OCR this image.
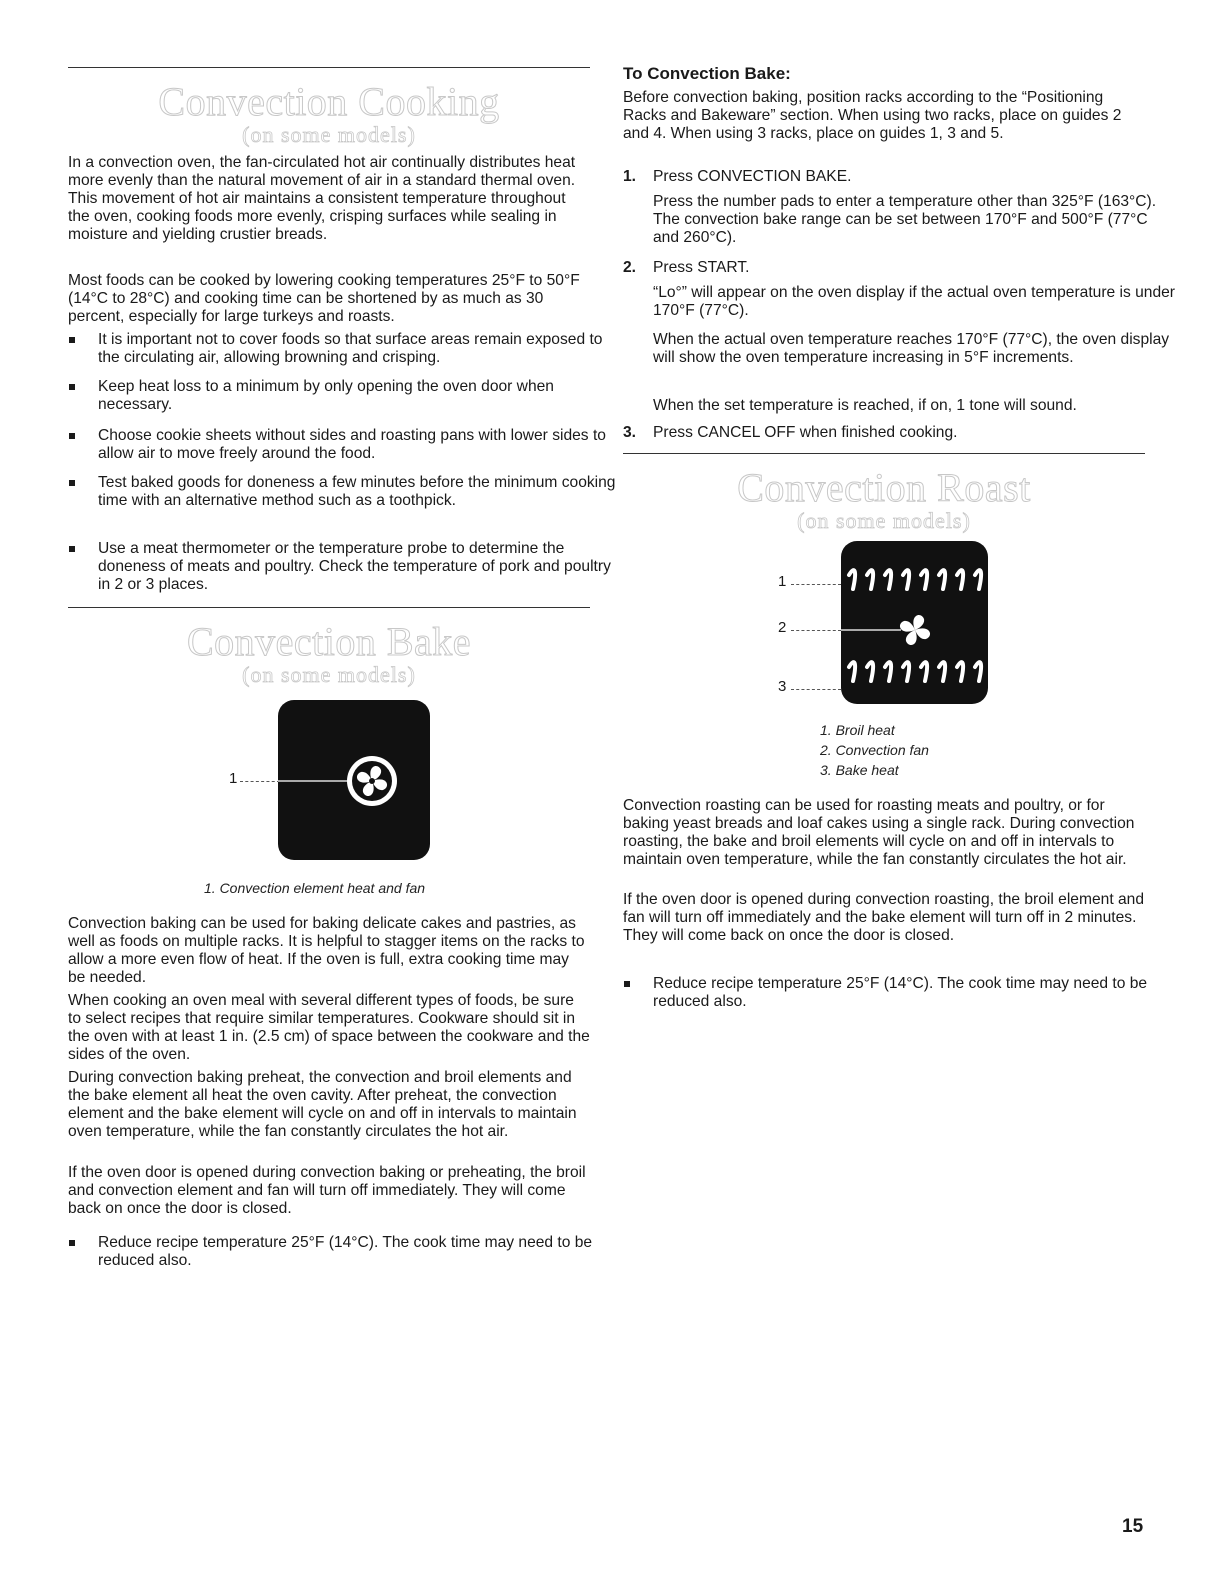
Convection Cooking
(on some models)

In a convection oven, the fan-circulated hot air continually distributes heat more evenly than the natural movement of air in a standard thermal oven. This movement of hot air maintains a consistent temperature throughout the oven, cooking foods more evenly, crisping surfaces while sealing in moisture and yielding crustier breads.

Most foods can be cooked by lowering cooking temperatures 25°F to 50°F (14°C to 28°C) and cooking time can be shortened by as much as 30 percent, especially for large turkeys and roasts.

It is important not to cover foods so that surface areas remain exposed to the circulating air, allowing browning and crisping.

Keep heat loss to a minimum by only opening the oven door when necessary.

Choose cookie sheets without sides and roasting pans with lower sides to allow air to move freely around the food.

Test baked goods for doneness a few minutes before the minimum cooking time with an alternative method such as a toothpick.

Use a meat thermometer or the temperature probe to determine the doneness of meats and poultry. Check the temperature of pork and poultry in 2 or 3 places.

Convection Bake
(on some models)
1
1. Convection element heat and fan

Convection baking can be used for baking delicate cakes and pastries, as well as foods on multiple racks. It is helpful to stagger items on the racks to allow a more even flow of heat. If the oven is full, extra cooking time may be needed.

When cooking an oven meal with several different types of foods, be sure to select recipes that require similar temperatures. Cookware should sit in the oven with at least 1 in. (2.5 cm) of space between the cookware and the sides of the oven.

During convection baking preheat, the convection and broil elements and the bake element all heat the oven cavity. After preheat, the convection element and the bake element will cycle on and off in intervals to maintain oven temperature, while the fan constantly circulates the hot air.

If the oven door is opened during convection baking or preheating, the broil and convection element and fan will turn off immediately. They will come back on once the door is closed.

Reduce recipe temperature 25°F (14°C). The cook time may need to be reduced also.

To Convection Bake:

Before convection baking, position racks according to the “Positioning Racks and Bakeware” section. When using two racks, place on guides 2 and 4. When using 3 racks, place on guides 1, 3 and 5.

1. Press CONVECTION BAKE.

Press the number pads to enter a temperature other than 325°F (163°C). The convection bake range can be set between 170°F and 500°F (77°C and 260°C).

2. Press START.

“Lo°” will appear on the oven display if the actual oven temperature is under 170°F (77°C).

When the actual oven temperature reaches 170°F (77°C), the oven display will show the oven temperature increasing in 5°F increments.

When the set temperature is reached, if on, 1 tone will sound.

3. Press CANCEL OFF when finished cooking.

Convection Roast
(on some models)
1
2
3
1. Broil heat
2. Convection fan
3. Bake heat

Convection roasting can be used for roasting meats and poultry, or for baking yeast breads and loaf cakes using a single rack. During convection roasting, the bake and broil elements will cycle on and off in intervals to maintain oven temperature, while the fan constantly circulates the hot air.

If the oven door is opened during convection roasting, the broil element and fan will turn off immediately and the bake element will turn off in 2 minutes. They will come back on once the door is closed.

Reduce recipe temperature 25°F (14°C). The cook time may need to be reduced also.

15
